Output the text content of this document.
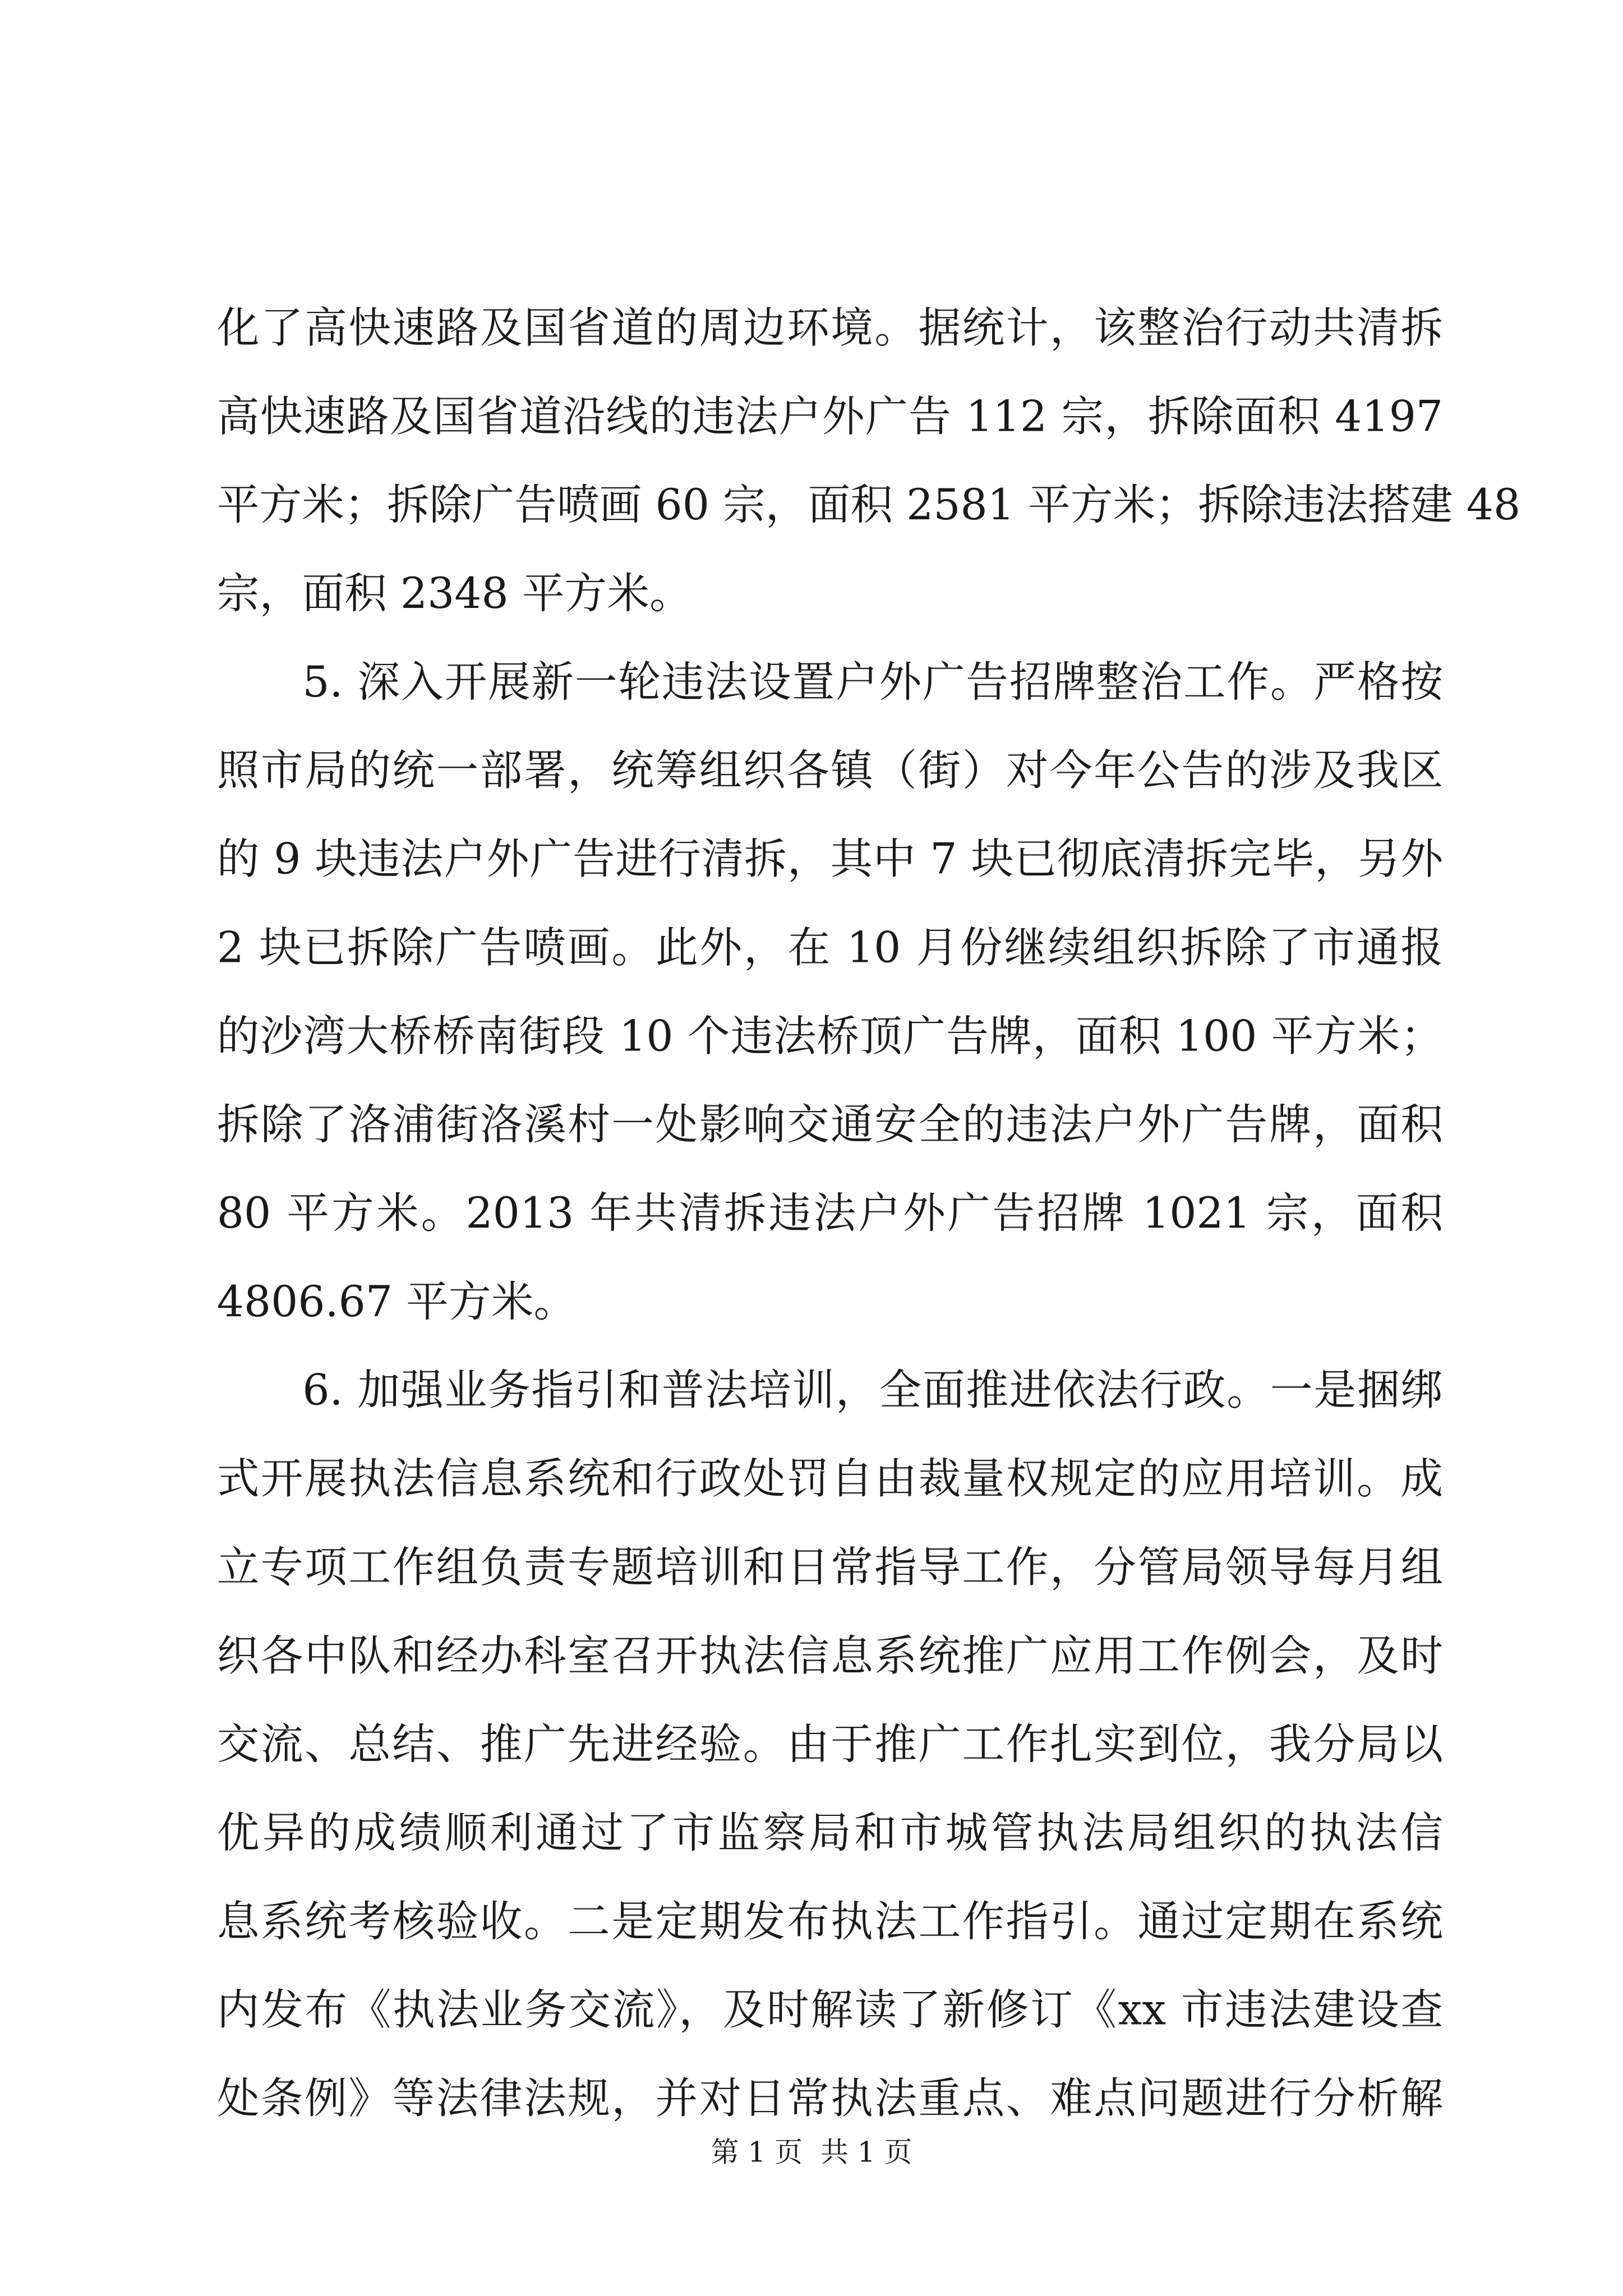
化了高快速路及国省道的周边环境。据统计，该整治行动共清拆
高快速路及国省道沿线的违法户外广告 112 宗，拆除面积 4197
平方米；拆除广告喷画 60 宗，面积 2581 平方米；拆除违法搭建 48
宗，面积 2348 平方米。
5. 深入开展新一轮违法设置户外广告招牌整治工作。严格按
照市局的统一部署，统筹组织各镇（街）对今年公告的涉及我区
的 9 块违法户外广告进行清拆，其中 7 块已彻底清拆完毕，另外
2 块已拆除广告喷画。此外，在 10 月份继续组织拆除了市通报
的沙湾大桥桥南街段 10 个违法桥顶广告牌，面积 100 平方米；
拆除了洛浦街洛溪村一处影响交通安全的违法户外广告牌，面积
80 平方米。2013 年共清拆违法户外广告招牌 1021 宗，面积
4806.67 平方米。
6. 加强业务指引和普法培训，全面推进依法行政。一是捆绑
式开展执法信息系统和行政处罚自由裁量权规定的应用培训。成
立专项工作组负责专题培训和日常指导工作，分管局领导每月组
织各中队和经办科室召开执法信息系统推广应用工作例会，及时
交流、总结、推广先进经验。由于推广工作扎实到位，我分局以
优异的成绩顺利通过了市监察局和市城管执法局组织的执法信
息系统考核验收。二是定期发布执法工作指引。通过定期在系统
内发布《执法业务交流》，及时解读了新修订《xx 市违法建设查
处条例》等法律法规，并对日常执法重点、难点问题进行分析解
第 1 页  共 1 页
